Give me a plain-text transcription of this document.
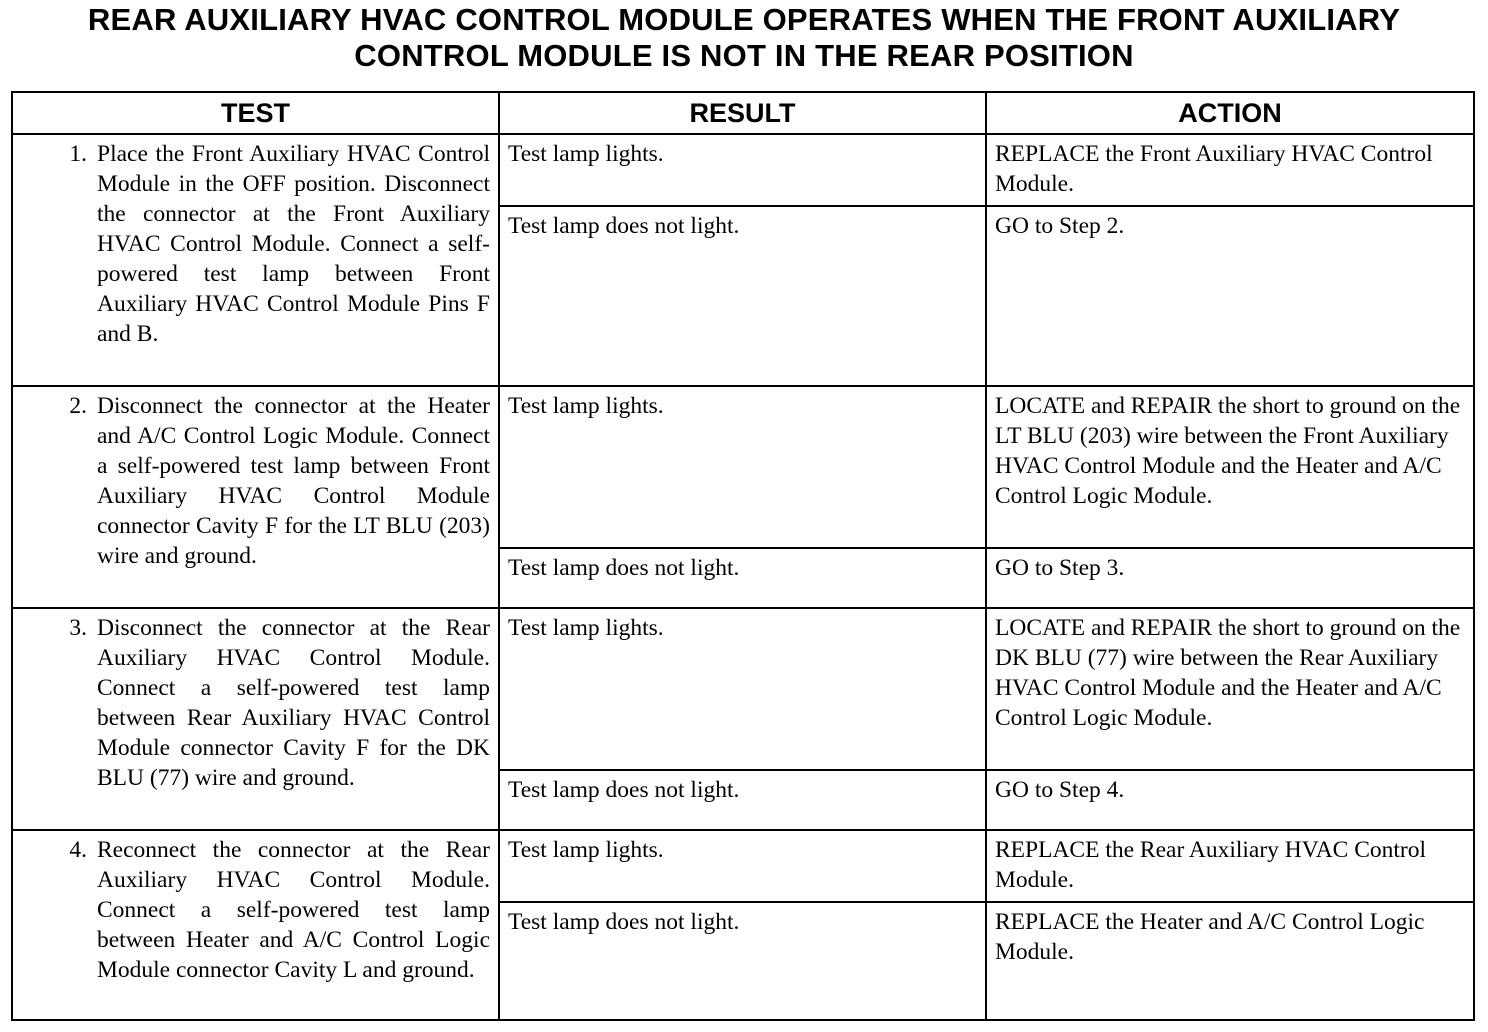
REAR AUXILIARY HVAC CONTROL MODULE OPERATES WHEN THE FRONT AUXILIARY
CONTROL MODULE IS NOT IN THE REAR POSITION
TEST	RESULT	ACTION

1. Place the Front Auxiliary HVAC Control Module in the OFF position. Disconnect the connector at the Front Auxiliary HVAC Control Module. Connect a self-powered test lamp between Front Auxiliary HVAC Control Module Pins F and B.	Test lamp lights.	REPLACE the Front Auxiliary HVAC Control Module.
	Test lamp does not light.	GO to Step 2.

2. Disconnect the connector at the Heater and A/C Control Logic Module. Connect a self-powered test lamp between Front Auxiliary HVAC Control Module connector Cavity F for the LT BLU (203) wire and ground.	Test lamp lights.	LOCATE and REPAIR the short to ground on the LT BLU (203) wire between the Front Auxiliary HVAC Control Module and the Heater and A/C Control Logic Module.
	Test lamp does not light.	GO to Step 3.

3. Disconnect the connector at the Rear Auxiliary HVAC Control Module. Connect a self-powered test lamp between Rear Auxiliary HVAC Control Module connector Cavity F for the DK BLU (77) wire and ground.	Test lamp lights.	LOCATE and REPAIR the short to ground on the DK BLU (77) wire between the Rear Auxiliary HVAC Control Module and the Heater and A/C Control Logic Module.
	Test lamp does not light.	GO to Step 4.

4. Reconnect the connector at the Rear Auxiliary HVAC Control Module. Connect a self-powered test lamp between Heater and A/C Control Logic Module connector Cavity L and ground.	Test lamp lights.	REPLACE the Rear Auxiliary HVAC Control Module.
	Test lamp does not light.	REPLACE the Heater and A/C Control Logic Module.
